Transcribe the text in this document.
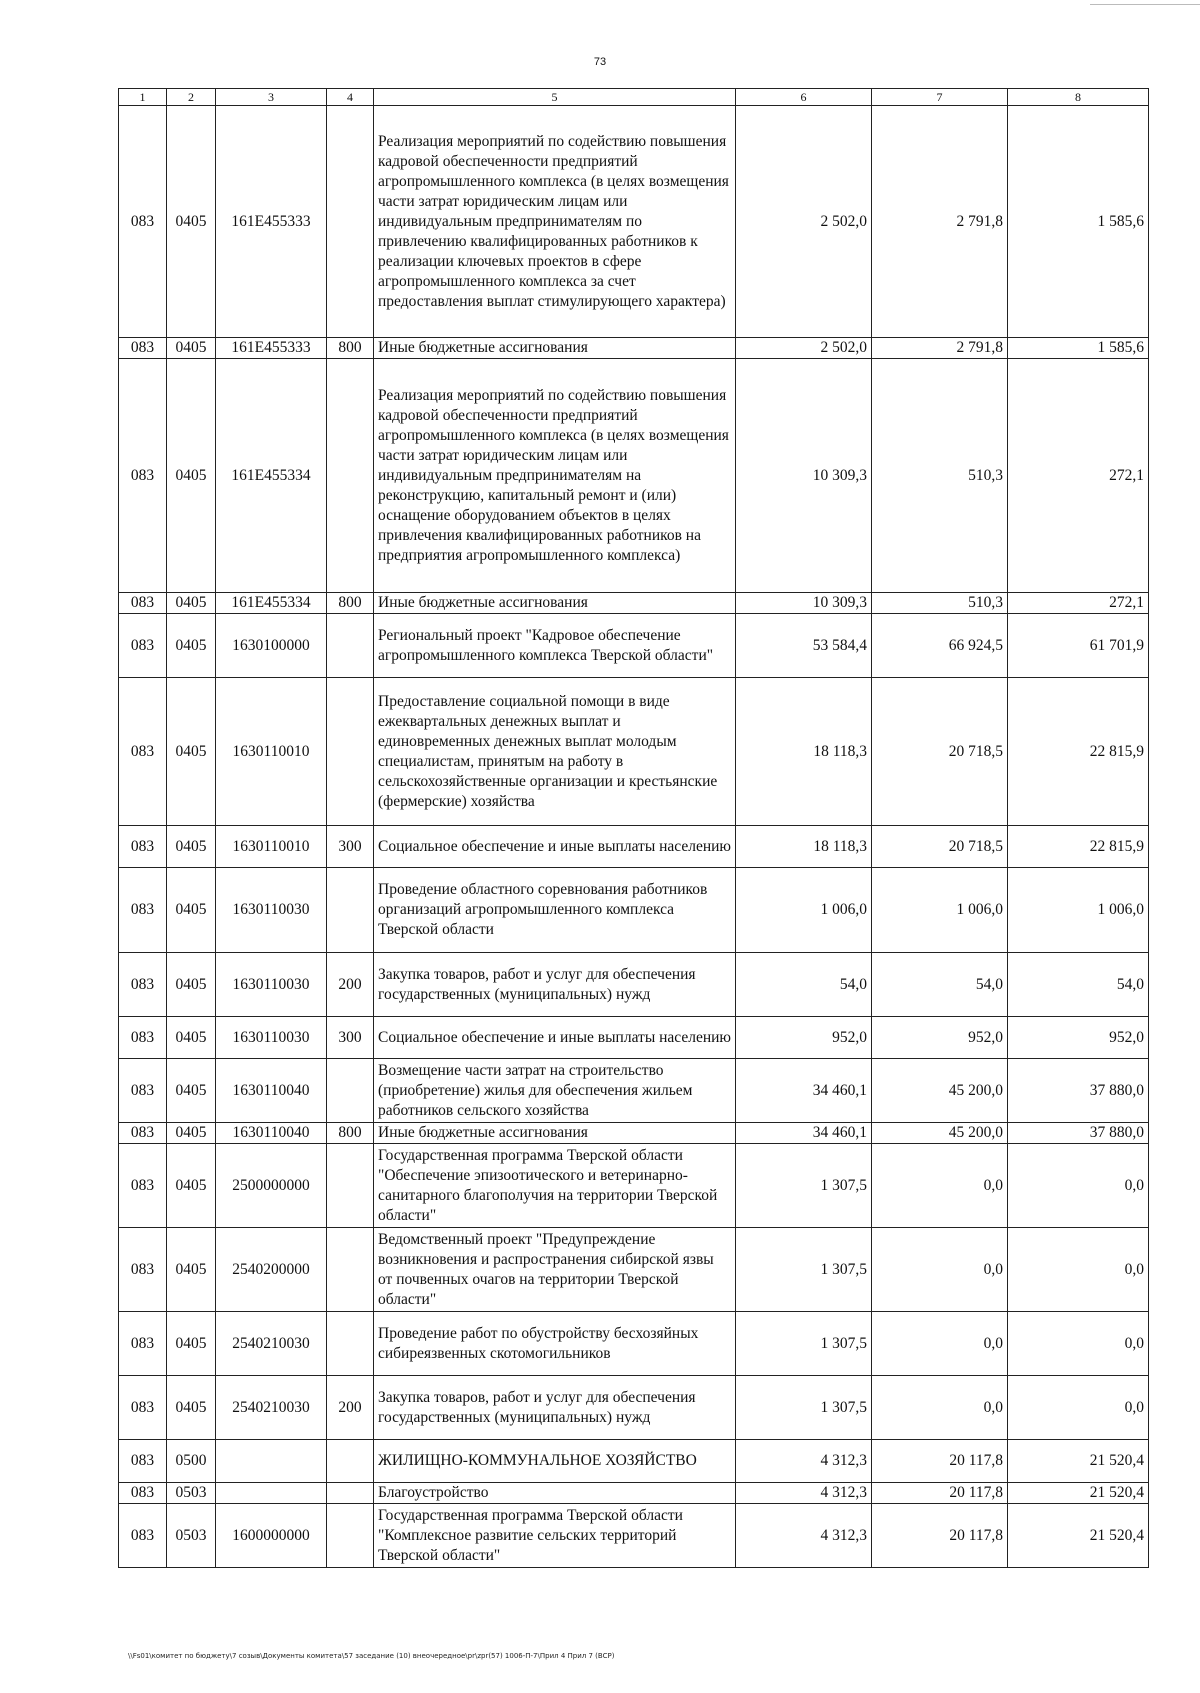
73
1	2	3	4	5	6	7	8
083	0405	161Е455333		Реализация мероприятий по содействию повышения кадровой обеспеченности предприятий агропромышленного комплекса (в целях возмещения части затрат юридическим лицам или индивидуальным предпринимателям по привлечению квалифицированных работников к реализации ключевых проектов в сфере агропромышленного комплекса за счет предоставления выплат стимулирующего характера)	2 502,0	2 791,8	1 585,6
083	0405	161Е455333	800	Иные бюджетные ассигнования	2 502,0	2 791,8	1 585,6
083	0405	161Е455334		Реализация мероприятий по содействию повышения кадровой обеспеченности предприятий агропромышленного комплекса (в целях возмещения части затрат юридическим лицам или индивидуальным предпринимателям на реконструкцию, капитальный ремонт и (или) оснащение оборудованием объектов в целях привлечения квалифицированных работников на предприятия агропромышленного комплекса)	10 309,3	510,3	272,1
083	0405	161Е455334	800	Иные бюджетные ассигнования	10 309,3	510,3	272,1
083	0405	1630100000		Региональный проект "Кадровое обеспечение агропромышленного комплекса Тверской области"	53 584,4	66 924,5	61 701,9
083	0405	1630110010		Предоставление социальной помощи в виде ежеквартальных денежных выплат и единовременных денежных выплат молодым специалистам, принятым на работу в сельскохозяйственные организации и крестьянские (фермерские) хозяйства	18 118,3	20 718,5	22 815,9
083	0405	1630110010	300	Социальное обеспечение и иные выплаты населению	18 118,3	20 718,5	22 815,9
083	0405	1630110030		Проведение областного соревнования работников организаций агропромышленного комплекса Тверской области	1 006,0	1 006,0	1 006,0
083	0405	1630110030	200	Закупка товаров, работ и услуг для обеспечения государственных (муниципальных) нужд	54,0	54,0	54,0
083	0405	1630110030	300	Социальное обеспечение и иные выплаты населению	952,0	952,0	952,0
083	0405	1630110040		Возмещение части затрат на строительство (приобретение) жилья для обеспечения жильем работников сельского хозяйства	34 460,1	45 200,0	37 880,0
083	0405	1630110040	800	Иные бюджетные ассигнования	34 460,1	45 200,0	37 880,0
083	0405	2500000000		Государственная программа Тверской области "Обеспечение эпизоотического и ветеринарно-санитарного благополучия на территории Тверской области"	1 307,5	0,0	0,0
083	0405	2540200000		Ведомственный проект "Предупреждение возникновения и распространения сибирской язвы от почвенных очагов на территории Тверской области"	1 307,5	0,0	0,0
083	0405	2540210030		Проведение работ по обустройству бесхозяйных сибиреязвенных скотомогильников	1 307,5	0,0	0,0
083	0405	2540210030	200	Закупка товаров, работ и услуг для обеспечения государственных (муниципальных) нужд	1 307,5	0,0	0,0
083	0500			ЖИЛИЩНО-КОММУНАЛЬНОЕ ХОЗЯЙСТВО	4 312,3	20 117,8	21 520,4
083	0503			Благоустройство	4 312,3	20 117,8	21 520,4
083	0503	1600000000		Государственная программа Тверской области "Комплексное развитие сельских территорий Тверской области"	4 312,3	20 117,8	21 520,4
\\Fs01\комитет по бюджету\7 созыв\Документы комитета\57 заседание (10) внеочередное\pr\zpr(57) 1006-П-7\Прил 4 Прил 7 (ВСР)
